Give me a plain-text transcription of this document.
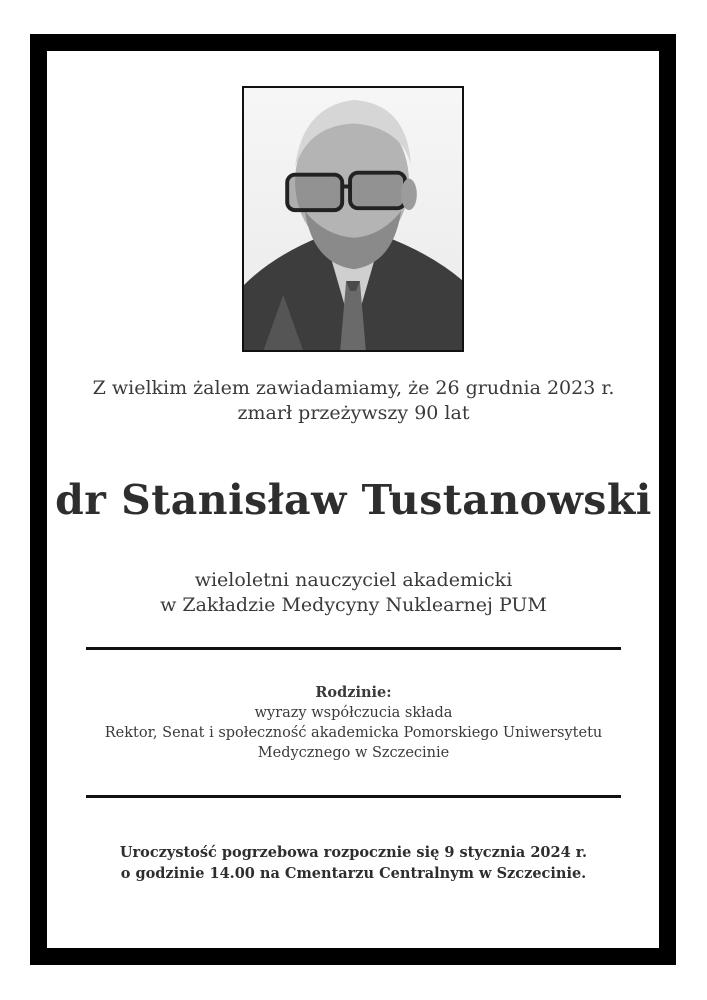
Z wielkim żalem zawiadamiamy, że 26 grudnia 2023 r.
zmarł przeżywszy 90 lat
dr Stanisław Tustanowski
wieloletni nauczyciel akademicki
w Zakładzie Medycyny Nuklearnej PUM
Rodzinie:
wyrazy współczucia składa
Rektor, Senat i społeczność akademicka Pomorskiego Uniwersytetu
Medycznego w Szczecinie
Uroczystość pogrzebowa rozpocznie się 9 stycznia 2024 r.
o godzinie 14.00 na Cmentarzu Centralnym w Szczecinie.
